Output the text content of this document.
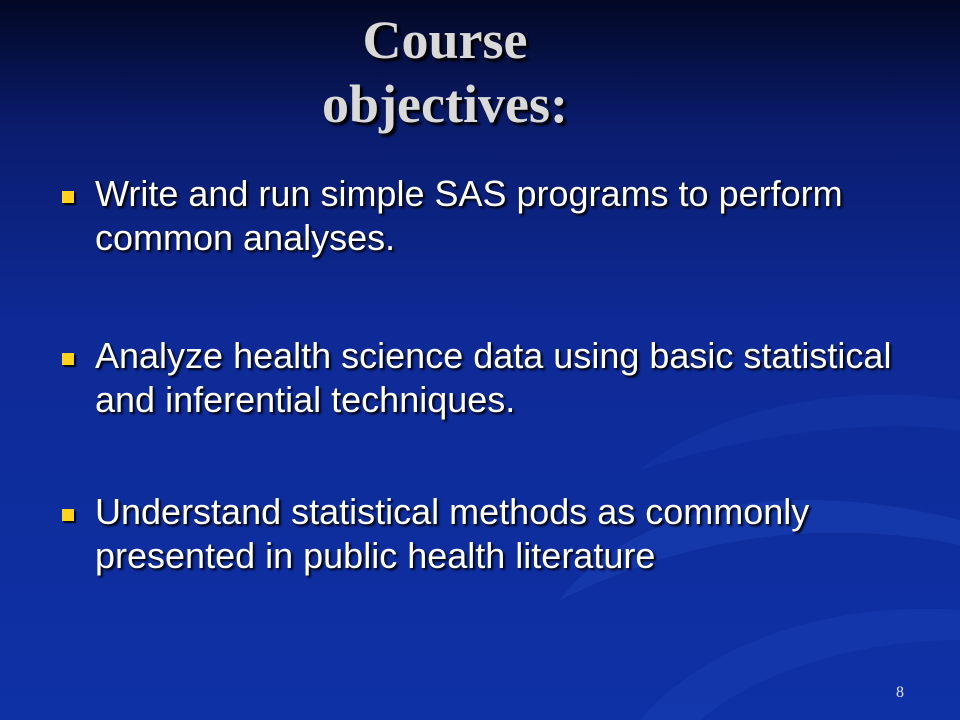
Course
objectives:
Write and run simple SAS programs to perform common analyses.
Analyze health science data using basic statistical and inferential techniques.
Understand statistical methods as commonly presented in public health literature
8
